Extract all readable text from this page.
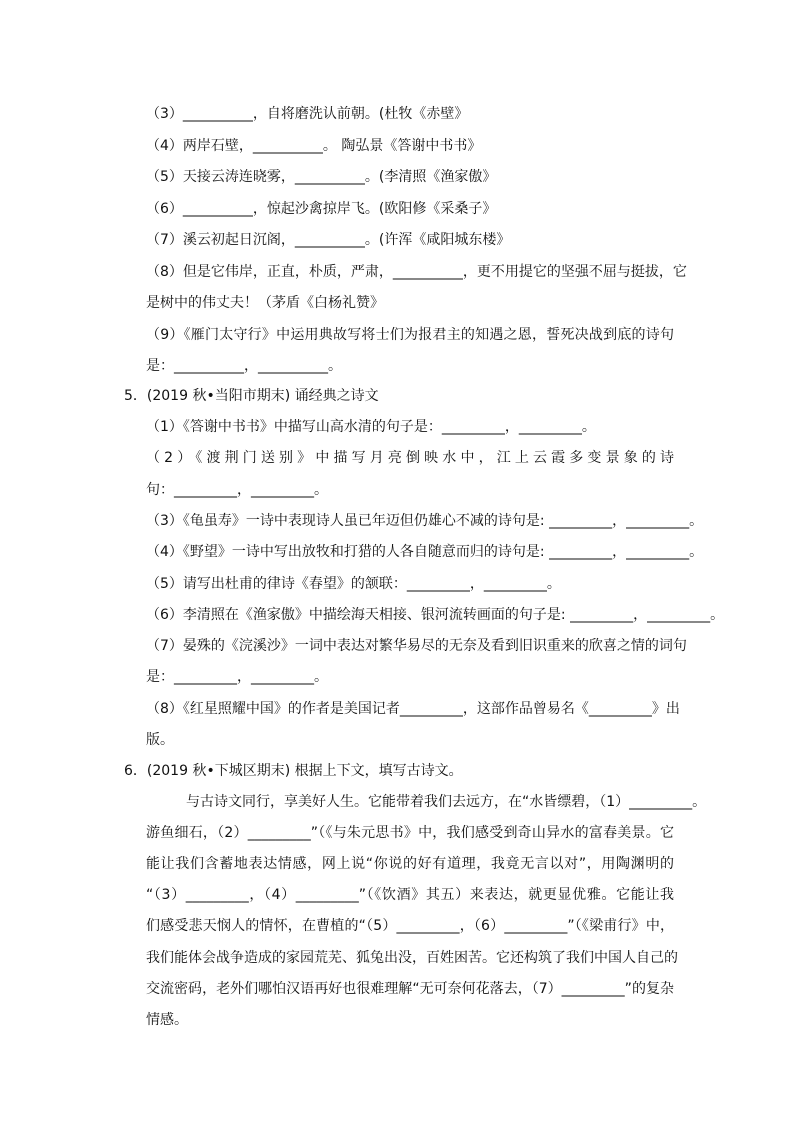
（3）__________，自将磨洗认前朝。(杜牧《赤壁》
（4）两岸石壁，__________。 陶弘景《答谢中书书》
（5）天接云涛连晓雾，__________。(李清照《渔家傲》
（6）__________，惊起沙禽掠岸飞。(欧阳修《采桑子》
（7）溪云初起日沉阁，__________。(许浑《咸阳城东楼》
（8）但是它伟岸，正直，朴质，严肃，__________，更不用提它的坚强不屈与挺拔，它
是树中的伟丈夫！（茅盾《白杨礼赞》
（9）《雁门太守行》中运用典故写将士们为报君主的知遇之恩，誓死决战到底的诗句
是：__________，__________。
5．(2019 秋•当阳市期末) 诵经典之诗文
（1）《答谢中书书》中描写山高水清的句子是：_________，_________。
（2）《渡荆门送别》中描写月亮倒映水中，江上云霞多变景象的诗
句：_________，_________。
（3）《龟虽寿》一诗中表现诗人虽已年迈但仍雄心不减的诗句是: _________，_________。
（4）《野望》一诗中写出放牧和打猎的人各自随意而归的诗句是: _________，_________。
（5）请写出杜甫的律诗《春望》的颔联：_________，_________。
（6）李清照在《渔家傲》中描绘海天相接、银河流转画面的句子是: _________，_________。
（7）晏殊的《浣溪沙》一词中表达对繁华易尽的无奈及看到旧识重来的欣喜之情的词句
是：_________，_________。
（8）《红星照耀中国》的作者是美国记者_________，这部作品曾易名《_________》出
版。
6．(2019 秋•下城区期末) 根据上下文，填写古诗文。
与古诗文同行，享美好人生。它能带着我们去远方，在“水皆缥碧，（1）_________。
游鱼细石，（2）_________”（《与朱元思书》中，我们感受到奇山异水的富春美景。它
能让我们含蓄地表达情感，网上说“你说的好有道理，我竟无言以对”，用陶渊明的
“（3）_________，（4）_________”（《饮酒》其五）来表达，就更显优雅。它能让我
们感受悲天悯人的情怀，在曹植的“（5）_________，（6）_________”（《梁甫行》中，
我们能体会战争造成的家园荒芜、狐兔出没，百姓困苦。它还构筑了我们中国人自己的
交流密码，老外们哪怕汉语再好也很难理解“无可奈何花落去，（7）_________”的复杂
情感。
